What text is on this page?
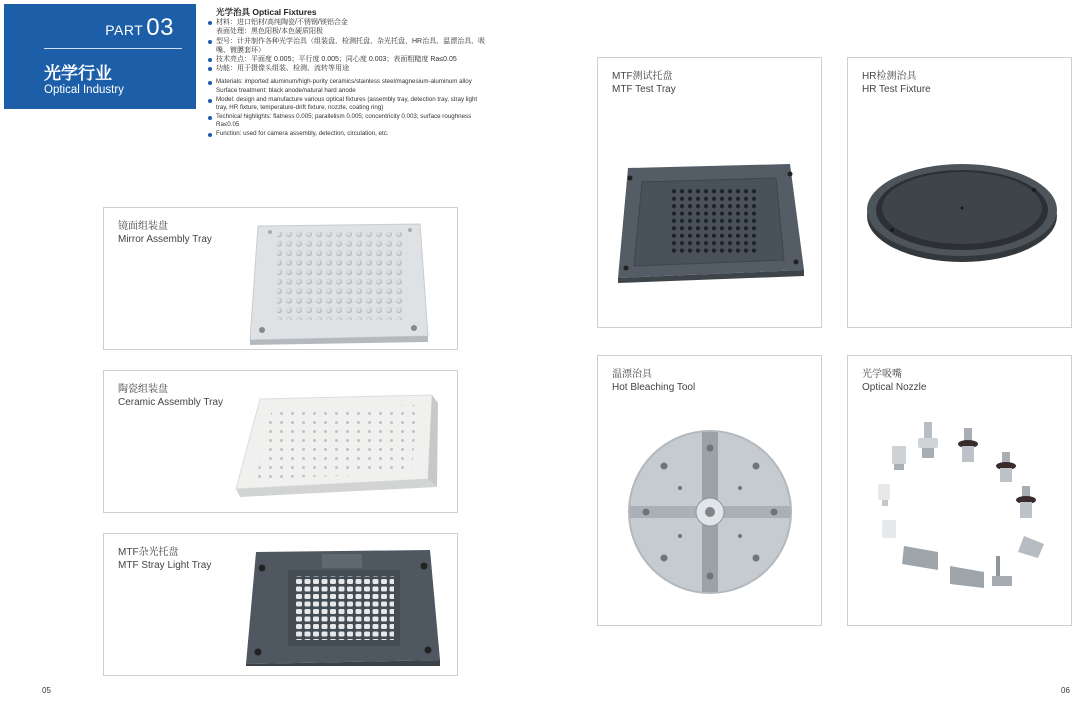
PART 03
光学行业
Optical Industry
光学治具 Optical Fixtures
材料：进口铝材/高纯陶瓷/不锈钢/镁铝合金
表面处理：黑色阳极/本色硬质阳极
型号：计并制作各种光学治具（组装盘、检测托盘、杂光托盘、HR治具、温漂治具、吸
嘴、镀膜套环）
技术亮点：平面度 0.005；平行度 0.005；同心度 0.003；表面粗糙度 Ra≤0.05
功能：用于摄像头组装、检测、流转等用途
Materials: imported aluminum/high-purity ceramics/stainless steel/magnesium-aluminum alloy
Surface treatment: black anode/natural hard anode
Model: design and manufacture various optical fixtures (assembly tray, detection tray, stray light
tray, HR fixture, temperature-drift fixture, nozzle, coating ring)
Technical highlights: flatness 0.005; parallelism 0.005; concentricity 0.003; surface roughness
Ra≤0.05
Function: used for camera assembly, detection, circulation, etc.
镜面组装盘
Mirror Assembly Tray
陶瓷组装盘
Ceramic Assembly Tray
MTF杂光托盘
MTF Stray Light Tray
MTF测试托盘
MTF Test Tray
HR检测治具
HR Test Fixture
温漂治具
Hot Bleaching Tool
光学吸嘴
Optical Nozzle
05	06
